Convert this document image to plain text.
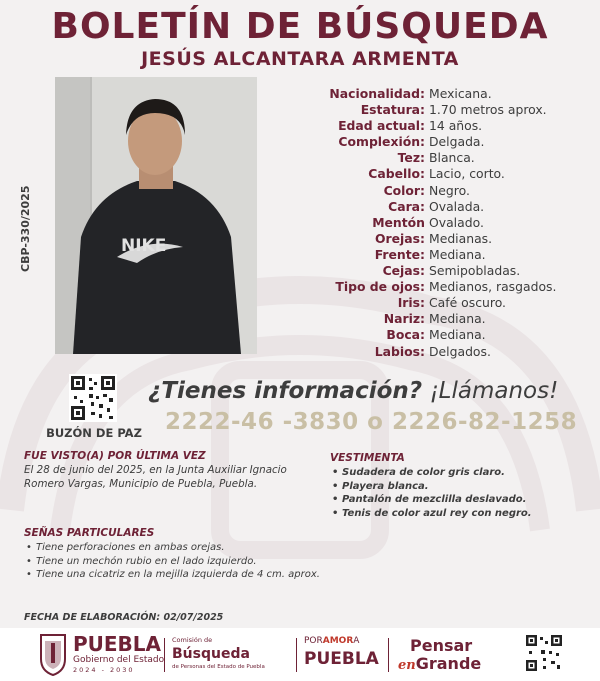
BOLETÍN DE BÚSQUEDA
JESÚS ALCANTARA ARMENTA
NIKE
CBP-330/2025
Nacionalidad: Mexicana.
Estatura: 1.70 metros aprox.
Edad actual: 14 años.
Complexión: Delgada.
Tez: Blanca.
Cabello: Lacio, corto.
Color: Negro.
Cara: Ovalada.
Mentón Ovalado.
Orejas: Medianas.
Frente: Mediana.
Cejas: Semipobladas.
Tipo de ojos: Medianos, rasgados.
Iris: Café oscuro.
Nariz: Mediana.
Boca: Mediana.
Labios: Delgados.
BUZÓN DE PAZ
¿Tienes información? ¡Llámanos!
2222-46 -3830 o 2226-82-1258
FUE VISTO(A) POR ÚLTIMA VEZ

El 28 de junio del 2025, en la Junta Auxiliar Ignacio Romero Vargas, Municipio de Puebla, Puebla.

VESTIMENTA
• Sudadera de color gris claro.
• Playera blanca.
• Pantalón de mezclilla deslavado.
• Tenis de color azul rey con negro.
SEÑAS PARTICULARES
• Tiene perforaciones en ambas orejas.
• Tiene un mechón rubio en el lado izquierdo.
• Tiene una cicatriz en la mejilla izquierda de 4 cm. aprox.
FECHA DE ELABORACIÓN: 02/07/2025
PUEBLA
Gobierno del Estado
2024 - 2030
Comisión de
Búsqueda
de Personas del Estado de Puebla
PORAMORA
PUEBLA
Pensar
enGrande
